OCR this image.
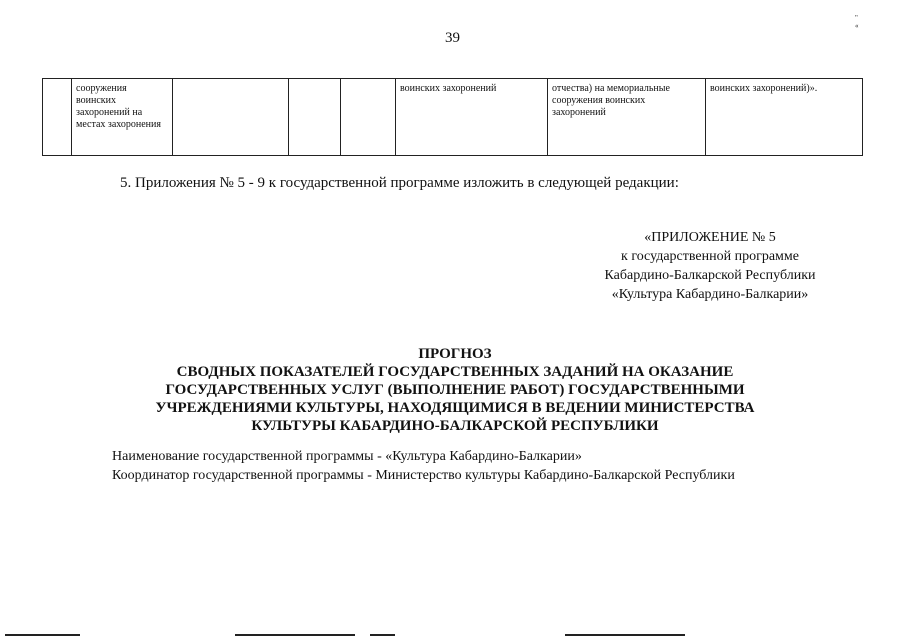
39
" «
	сооружения воинских захоронений на местах захоронения				воинских захоронений	отчества) на мемориальные сооружения воинских захоронений	воинских захоронений)».
5. Приложения № 5 - 9 к государственной программе изложить в следующей редакции:
«ПРИЛОЖЕНИЕ № 5
к государственной программе
Кабардино-Балкарской Республики
«Культура Кабардино-Балкарии»
ПРОГНОЗ
СВОДНЫХ ПОКАЗАТЕЛЕЙ ГОСУДАРСТВЕННЫХ ЗАДАНИЙ НА ОКАЗАНИЕ
ГОСУДАРСТВЕННЫХ УСЛУГ (ВЫПОЛНЕНИЕ РАБОТ) ГОСУДАРСТВЕННЫМИ
УЧРЕЖДЕНИЯМИ КУЛЬТУРЫ, НАХОДЯЩИМИСЯ В ВЕДЕНИИ МИНИСТЕРСТВА
КУЛЬТУРЫ КАБАРДИНО-БАЛКАРСКОЙ РЕСПУБЛИКИ
Наименование государственной программы - «Культура Кабардино-Балкарии»
Координатор государственной программы - Министерство культуры Кабардино-Балкарской Республики
